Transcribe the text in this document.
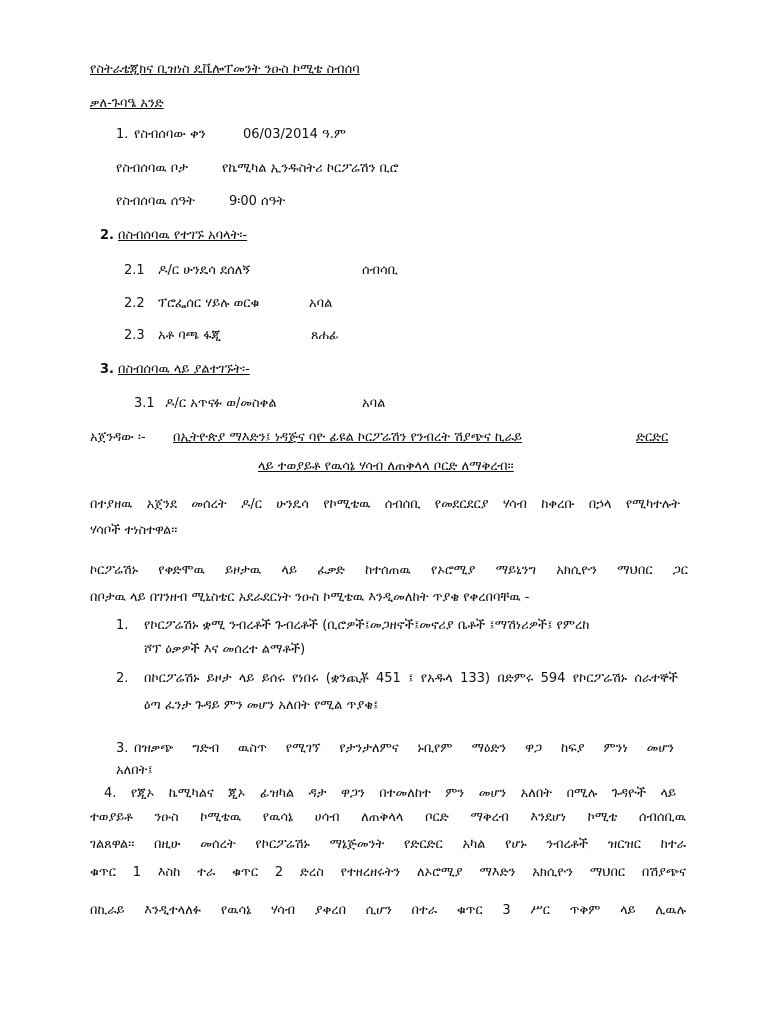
የስትራቴጂክና ቢዝነስ ዴቬሎፐመንት ንዑስ ኮሚቴ ስብሰባ
ቃለ-ጉባዔ አንድ
1. የስብሰባው ቀን	06/03/2014 ዓ.ም
የስብሰባዉ ቦታ	የኬሚካል ኢንዱስትሪ ኮርፖሬሽን ቢሮ
የስብሰባዉ ሰዓት	9፡00 ሰዓት
2. በስብሰባዉ የተገኙ አባላት፡-
2.1 ዶ/ር ሁንዴሳ ደሰለኝ	ሰብሳቢ
2.2 ፕሮፌሰር ሃይሉ ወርቁ	አባል
2.3 አቶ ባጫ ፋጂ	ጸሐፊ
3. በስብሰባዉ ላይ ያልተገኙት፡-
3.1 ዶ/ር አጥናፉ ወ/መስቀል	አባል
አጀንዳው ፡- በኢትዮጵያ ማእድን፤ ነዳጅና ባዮ ፊዩል ኮርፖሬሽን የንብረት ሽያጭና ኪራይ	ድርድር
ላይ ተወያይቶ የዉሳኔ ሃሳብ ለጠቅላላ ቦርድ ለማቅረብ፡፡
በተያዘዉ አጀንደ መሰረት ዶ/ር ሁንዴሳ የኮሚቴዉ ሰብሰቢ የመደርደርያ ሃሳብ ከቀረቡ በኃላ የሚካተሉት
ሃሳቦች ተነስተዋል፡፡
ኮርፖሬሽኑ የቀድሞዉ ይዞታዉ ላይ ፈቃድ ከተሰጠዉ የኦሮሚያ ማይኒንግ አክሲዮን ማህበር ጋር
በቦታዉ ላይ በገንዘብ ሚኒስቴር አደራደርነት ንዑስ ኮሚቴዉ እንዲመለከት ጥያቄ የቀረበባቸዉ -
1. የኮርፖሬሽኑ ቋሚ ንብረቶች ጉብረቶች (ቢሮዎች፤መጋዘኖች፤መኖሪያ ቤቶች ፤ማሽነሪዎች፤ የምረከ
ሾፕ ዕቃዎች እና መሰረተ ልማቶች)
2. በኮርፖሬሽኑ ይዞታ ላይ ይሰሩ የነበሩ (ቋንጪቾ 451 ፤ የአዱላ 133) በድምሩ 594 የኮርፖሬሽኑ ሰራተኞች
ዕጣ ፈንታ ጉዳይ ምን መሆን አለበት የሚል ጥያቄ፤
3. በዝቃጭ ግድብ ዉስጥ የሚገኘ የታንታለምና ኑቢየም ማዕድን ዋጋ ከፍያ ምንነ መሆን
አለበት፤
4. የጂኦ ኬሚካልና ጂኦ ፊዝካል ዳታ ዋጋን በተመለከተ ምን መሆን አለበት በሚሉ ጉዳዮች ላይ
ተወያይቶ ንዑስ ኮሚቴዉ የዉሳኔ ሀሳብ ለጠቅላላ ቦርድ ማቅረብ እንደሆነ ኮሚቴ ሰብሰቢዉ
ገልጸዋል፡፡ በዚሁ መሰረት የኮርፖሬሽኑ ማኔጅመንት የድርድር አካል የሆኑ ንብረቶች ዝርዝር ከተራ
ቁጥር 1 እስከ ተራ ቁጥር 2 ድረስ የተዘረዘሩትን ለኦሮሚያ ማእድን አክሲዮን ማህበር በሽያጭና
በኪራይ እንዲተላለፉ የዉሳኔ ሃሳብ ያቀረበ ሲሆን በተራ ቁጥር 3 ሥር ጥቅም ላይ ሊዉሉ
